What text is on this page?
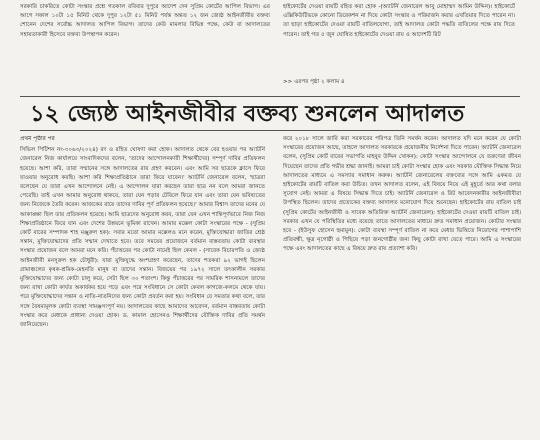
সরকারি চাকরিতে কোটা সংস্কার প্রশ্নে গতকাল রবিবার দুপুরে আদেশ দেন সুপ্রিম কোর্টের আপিল বিভাগ। এর আগে সকাল ১০টা ১৫ মিনিট থেকে দুপুর ১২টা ৫১ মিনিট পর্যন্ত অন্তত ১২ জন জ্যেষ্ঠ আইনজীবীর বক্তব্য শোনেন দেশের সর্বোচ্চ আদালত আপিল বিভাগ। তাদের কেউ মামলার বিভিন্ন পক্ষে, কেউ বা আদালতের সহায়তাকারী হিসেবে বক্তব্য উপস্থাপন করেন।
হাইকোর্টের দেওয়া রায়টি রহিত করা হোক -(অ্যাটর্নি জেনারেল আবু মোহাম্মদ আমিন উদ্দিন)। হাইকোর্টে এক্সিকিউটিভকে কোনো ডিরেকশন না দিয়ে কোটা সংস্কার ও পরিমার্জন করার এখতিয়ার দিতে পারেন না। তা ছাড়া হাইকোর্টের দেওয়া রায়টি বাতিলযোগ্য, তাই আদালত কোটা পদ্ধতি বাতিলের পক্ষে রায় দিতে পারেন। তাই গত ৫ জুন ঘোষিত হাইকোর্টের দেওয়া রায় ও আদেশটি রিট
>> এরপর পৃষ্ঠা ২ কলাম ৪
১২ জ্যেষ্ঠ আইনজীবীর বক্তব্য শুনলেন আদালত
প্রথম পৃষ্ঠার পর
সিভিল পিটিশন নং-৩০৬৩/২০২৪) রদ ও রহিত ঘোষণা করা হোক। আদালত থেকে বের হওয়ার পর অ্যাটর্নি জেনারেল নিজ কার্যালয়ে সাংবাদিকদের বলেন, 'তাদের আন্দোলনকারী শিক্ষার্থীদের) সম্পূর্ণ দাবির প্রতিফলন হয়েছে। আশা করি, তারা সম্মানের সঙ্গে আদালতের রায় গ্রহণ করবেন। এবং আমি সব ছাত্রকে ক্লাসে ফিরে যাওয়ার অনুরোধ করছি। আশা করি শিক্ষাপ্রতিষ্ঠানে তারা ফিরে যাবেন।' অ্যাটর্নি জেনারেল বলেন, 'ছাত্ররা বলেছেন যে তারা এখন আন্দোলনে নেই। এ আন্দোলন যারা করছেন তারা ছাত্র নন বলে আমরা জানতে পেরেছি। তাই এখন আমার অনুরোধ থাকবে, তারা যেন পড়ার টেবিলে ফিরে যান এবং তারা যেন ভবিষ্যতের জন্য নিজেকে তৈরি করেন। আজকের রায়ে তাদের দাবির পূর্ণ প্রতিফলন হয়েছে।' আমার বিশ্বাস তাদের মনের যে আকাঙ্ক্ষা ছিল তার প্রতিফলন হয়েছে। আমি ছাত্রদের অনুরোধ করব, তারা যেন এখন শান্তিপূর্ণভাবে নিজ নিজ শিক্ষাপ্রতিষ্ঠানে ফিরে যান এবং দেশের উন্নয়নে ভূমিকা রাখেন। আমার মক্কেল কোটা সংস্কারের পক্ষে - (সুপ্রিম কোর্ট বারের সম্পাদক শাহ মঞ্জুরুল হক): সবার মতো আমার মক্কেলও মনে করেন, মুক্তিযোদ্ধারা জাতির শ্রেষ্ঠ সন্তান, মুক্তিযোদ্ধাদের প্রতি সম্মান দেখাতে হবে। তবে সময়ের প্রয়োজনে বর্তমান বাস্তবতায় কোটা ব্যবস্থার সংস্কার প্রয়োজন বলে আমরা মনে করি। পঁচাত্তরের পর কোটা নামেই ছিল কেবল - (সাবেক বিচারপতি ও জ্যেষ্ঠ আইনজীবী মনসুরুল হক চৌধুরী): যারা মুক্তিযুদ্ধে অংশগ্রহণ করেছেন, তাদের শতকরা ৯২ ভাগই ছিলেন গ্রামাঞ্চলের কৃষক-শ্রমিক-মেহনতি মানুষ বা তাদের সন্তান। বিজয়ের পর ১৯৭২ সালে তৎকালীন সরকার মুক্তিযোদ্ধাদের জন্য কোটা চালু করে, সেটা ছিল ৩০ শতাংশ। কিন্তু পঁচাত্তরের পর সামরিক শাসনামলে তাদের জন্য রাখা কোটা কার্যত অকার্যকর হয়ে পড়ে এবং পরে সংবিধানে সে কোটা কেবল কাগজে-কলমে থেকে যায়। পরে মুক্তিযোদ্ধাদের সন্তান ও নাতি-নাতনিদের জন্য কোটা প্রবর্তন করা হয়। সংবিধান যে সমতার কথা বলে, তার সঙ্গে বৈষম্যমূলক কোটা ব্যবস্থা সামঞ্জস্যপূর্ণ নয়। আদালতের কাছে আমাদের আবেদন, বর্তমান বাস্তবতায় কোটা সংস্কার করে মেধাকে প্রাধান্য দেওয়া হোক। ড. কামাল হোসেনও শিক্ষার্থীদের যৌক্তিক দাবির প্রতি সমর্থন জানিয়েছেন।
করে ২০১৮ সালে জারি করা সরকারের পরিপত্র তিনি সমর্থন করেন। আদালত যদি মনে করেন যে কোটা সংস্কারের প্রয়োজন আছে, তাহলে আদালত সরকারকে প্রয়োজনীয় নির্দেশনা দিতে পারেন। অ্যাটর্নি জেনারেল বলেন, (সুপ্রিম কোর্ট বারের সভাপতি মাহবুব উদ্দিন খোকন): কোটা সংস্কার আন্দোলনে যে তরুণেরা জীবন দিয়েছেন তাদের প্রতি গভীর শ্রদ্ধা জানাই। আমরা চাই কোটা সংস্কার হোক এবং সরকার যৌক্তিক সিদ্ধান্ত নিয়ে আদালতের মাধ্যমে এ সমস্যার সমাধান করুক। অ্যাটর্নি জেনারেলের বক্তব্যের সঙ্গে আমি একমত যে হাইকোর্টের রায়টি বাতিল করা উচিত। তখন আদালত বলেন, এই বিষয়ে নিয়ে এই মুহূর্তে আর কথা বলার সুযোগ নেই। আমরা এ বিষয়ে সিদ্ধান্ত দিতে চাই। অ্যাটর্নি জেনারেল ও রিট আবেদনকারীর আইনজীবীরা উপস্থিত ছিলেন। তাদের প্রত্যেকের বক্তব্য আদালত মনোযোগ দিয়ে শুনেছেন। হাইকোর্টের রায় বাতিল চাই (সুপ্রিম কোর্টের আইনজীবী ও সাবেক অতিরিক্ত অ্যাটর্নি জেনারেল): হাইকোর্টের দেওয়া রায়টি বাতিল চাই। সরকার এখন যে পরিস্থিতির মধ্যে রয়েছে তাতে আদালতের মাধ্যমে দ্রুত সমাধান প্রয়োজন। কোটার সংস্কার হবে - (ইউসুফ হোসেন হুমায়ুন): কোটা ব্যবস্থা সম্পূর্ণ বাতিল না করে মেধার ভিত্তিতে নিয়োগের পাশাপাশি প্রতিবন্ধী, ক্ষুদ্র নৃগোষ্ঠী ও পিছিয়ে পড়া জনগোষ্ঠীর জন্য কিছু কোটা রাখা যেতে পারে। আমি এ সংস্কারের পক্ষে এবং আদালতের কাছে এ বিষয়ে দ্রুত রায় প্রত্যাশা করি।
